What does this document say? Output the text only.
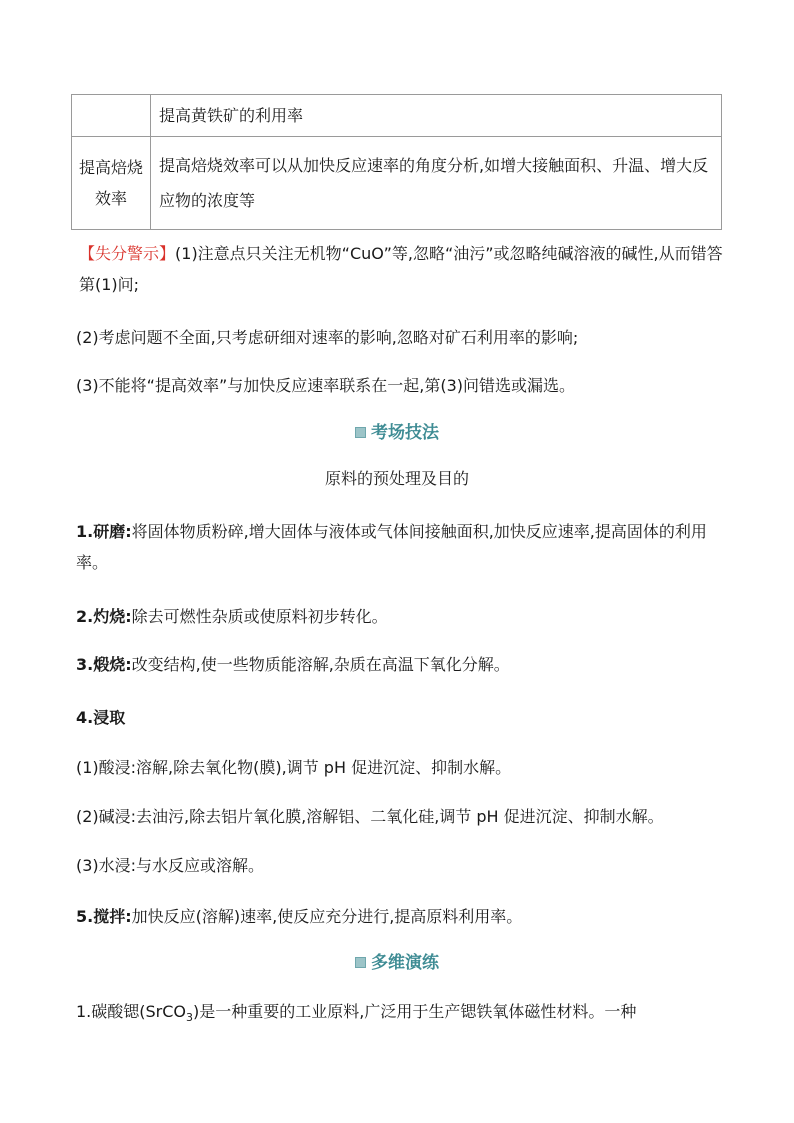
	提高黄铁矿的利用率
提高焙烧效率	提高焙烧效率可以从加快反应速率的角度分析,如增大接触面积、升温、增大反应物的浓度等
【失分警示】(1)注意点只关注无机物“CuO”等,忽略“油污”或忽略纯碱溶液的碱性,从而错答第(1)问;
(2)考虑问题不全面,只考虑研细对速率的影响,忽略对矿石利用率的影响;
(3)不能将“提高效率”与加快反应速率联系在一起,第(3)问错选或漏选。
考场技法
原料的预处理及目的
1.研磨:将固体物质粉碎,增大固体与液体或气体间接触面积,加快反应速率,提高固体的利用率。
2.灼烧:除去可燃性杂质或使原料初步转化。
3.煅烧:改变结构,使一些物质能溶解,杂质在高温下氧化分解。
4.浸取
(1)酸浸:溶解,除去氧化物(膜),调节 pH 促进沉淀、抑制水解。
(2)碱浸:去油污,除去铝片氧化膜,溶解铝、二氧化硅,调节 pH 促进沉淀、抑制水解。
(3)水浸:与水反应或溶解。
5.搅拌:加快反应(溶解)速率,使反应充分进行,提高原料利用率。
多维演练
1.碳酸锶(SrCO$_3$)是一种重要的工业原料,广泛用于生产锶铁氧体磁性材料。一种
